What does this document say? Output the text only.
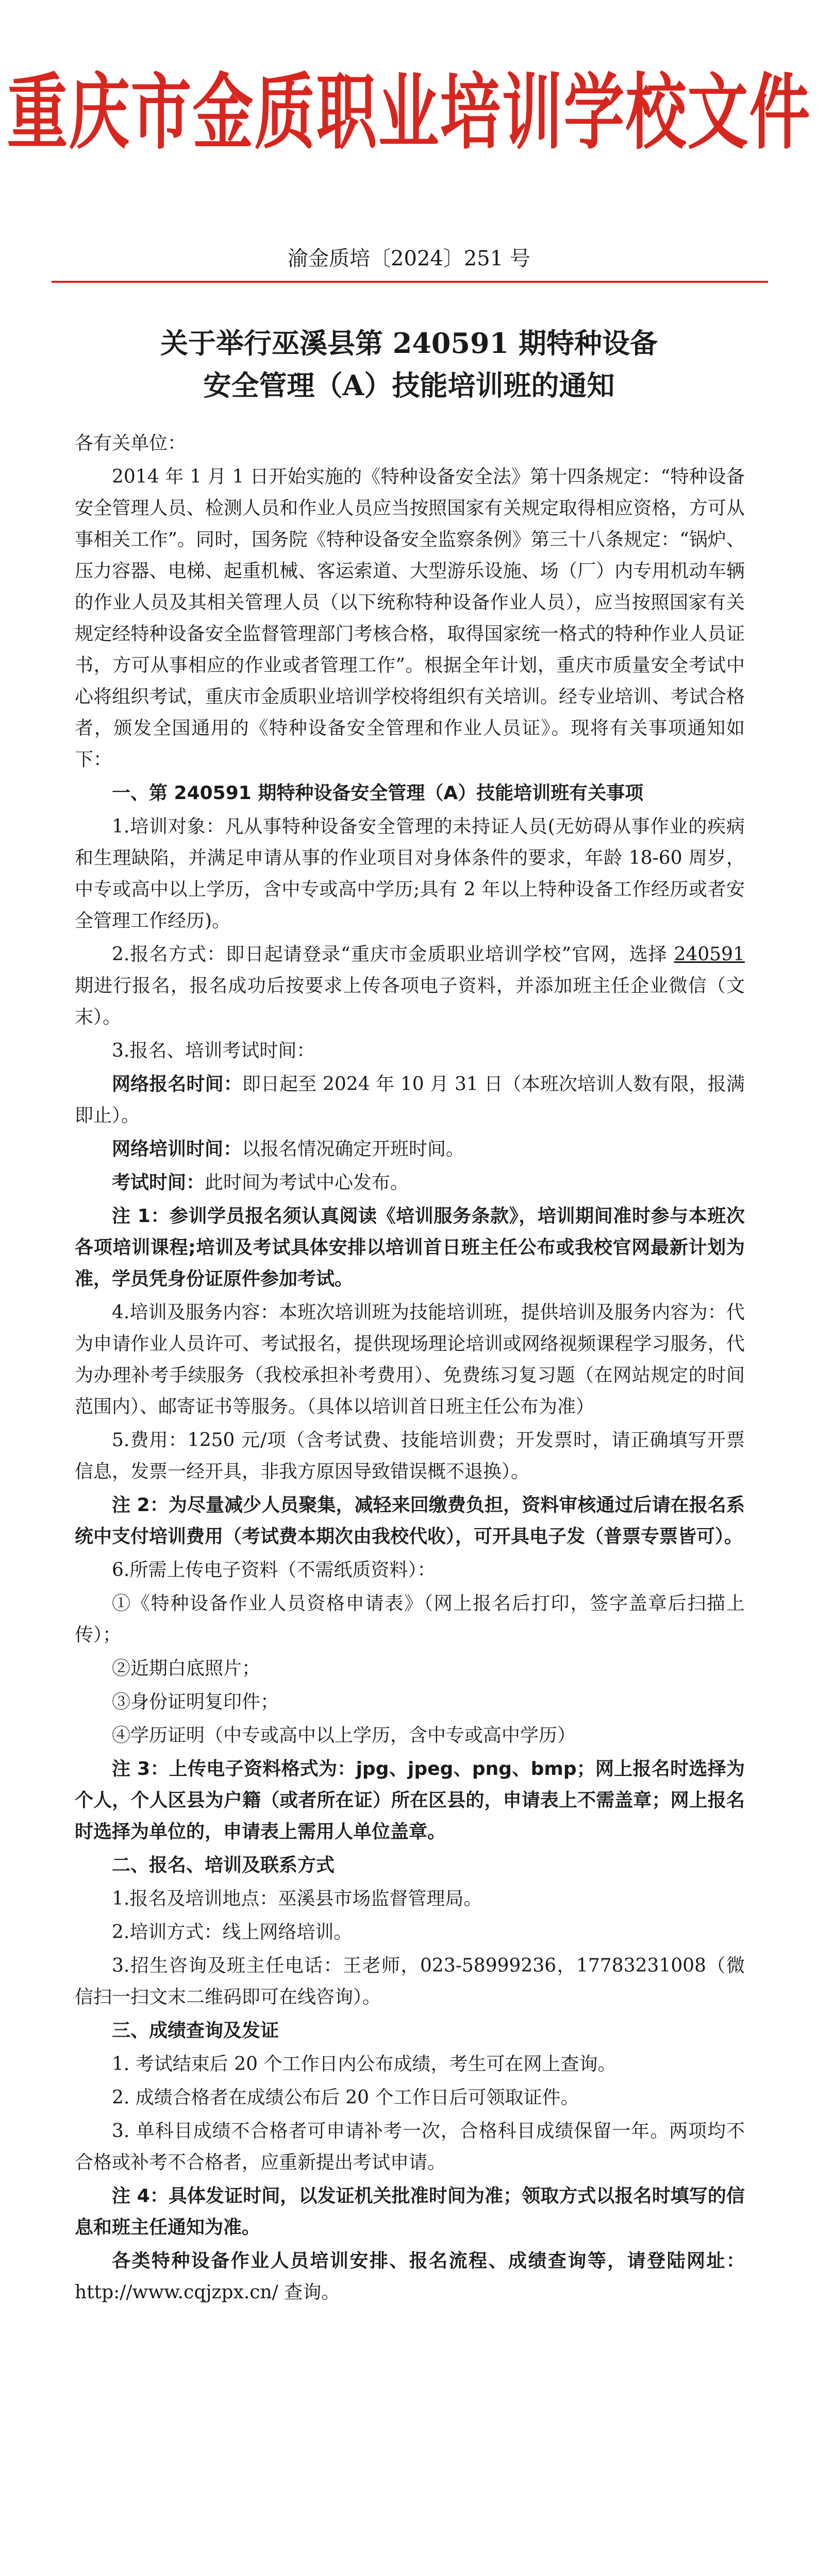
重庆市金质职业培训学校文件
渝金质培〔2024〕251 号
关于举行巫溪县第 240591 期特种设备
安全管理（A）技能培训班的通知

各有关单位：

2014 年 1 月 1 日开始实施的《特种设备安全法》第十四条规定：“特种设备安全管理人员、检测人员和作业人员应当按照国家有关规定取得相应资格，方可从事相关工作”。同时，国务院《特种设备安全监察条例》第三十八条规定：“锅炉、压力容器、电梯、起重机械、客运索道、大型游乐设施、场（厂）内专用机动车辆的作业人员及其相关管理人员（以下统称特种设备作业人员），应当按照国家有关规定经特种设备安全监督管理部门考核合格，取得国家统一格式的特种作业人员证书，方可从事相应的作业或者管理工作”。根据全年计划，重庆市质量安全考试中心将组织考试，重庆市金质职业培训学校将组织有关培训。经专业培训、考试合格者，颁发全国通用的《特种设备安全管理和作业人员证》。现将有关事项通知如下：

一、第 240591 期特种设备安全管理（A）技能培训班有关事项

1.培训对象：凡从事特种设备安全管理的未持证人员(无妨碍从事作业的疾病和生理缺陷，并满足申请从事的作业项目对身体条件的要求，年龄 18-60 周岁，中专或高中以上学历，含中专或高中学历;具有 2 年以上特种设备工作经历或者安全管理工作经历)。

2.报名方式：即日起请登录“重庆市金质职业培训学校”官网，选择 240591 期进行报名，报名成功后按要求上传各项电子资料，并添加班主任企业微信（文末）。

3.报名、培训考试时间：

网络报名时间：即日起至 2024 年 10 月 31 日（本班次培训人数有限，报满即止）。

网络培训时间：以报名情况确定开班时间。

考试时间：此时间为考试中心发布。

注 1：参训学员报名须认真阅读《培训服务条款》，培训期间准时参与本班次各项培训课程;培训及考试具体安排以培训首日班主任公布或我校官网最新计划为准，学员凭身份证原件参加考试。

4.培训及服务内容：本班次培训班为技能培训班，提供培训及服务内容为：代为申请作业人员许可、考试报名，提供现场理论培训或网络视频课程学习服务，代为办理补考手续服务（我校承担补考费用）、免费练习复习题（在网站规定的时间范围内）、邮寄证书等服务。（具体以培训首日班主任公布为准）

5.费用：1250 元/项（含考试费、技能培训费；开发票时，请正确填写开票信息，发票一经开具，非我方原因导致错误概不退换）。

注 2：为尽量减少人员聚集，减轻来回缴费负担，资料审核通过后请在报名系统中支付培训费用（考试费本期次由我校代收），可开具电子发（普票专票皆可）。

6.所需上传电子资料（不需纸质资料）：

①《特种设备作业人员资格申请表》（网上报名后打印，签字盖章后扫描上传）；

②近期白底照片；

③身份证明复印件；

④学历证明（中专或高中以上学历，含中专或高中学历）

注 3：上传电子资料格式为：jpg、jpeg、png、bmp；网上报名时选择为个人，个人区县为户籍（或者所在证）所在区县的，申请表上不需盖章；网上报名时选择为单位的，申请表上需用人单位盖章。

二、报名、培训及联系方式

1.报名及培训地点：巫溪县市场监督管理局。

2.培训方式：线上网络培训。

3.招生咨询及班主任电话：王老师，023-58999236，17783231008（微信扫一扫文末二维码即可在线咨询）。

三、成绩查询及发证

1. 考试结束后 20 个工作日内公布成绩，考生可在网上查询。

2. 成绩合格者在成绩公布后 20 个工作日后可领取证件。

3. 单科目成绩不合格者可申请补考一次，合格科目成绩保留一年。两项均不合格或补考不合格者，应重新提出考试申请。

注 4：具体发证时间，以发证机关批准时间为准；领取方式以报名时填写的信息和班主任通知为准。

各类特种设备作业人员培训安排、报名流程、成绩查询等，请登陆网址：http://www.cqjzpx.cn/ 查询。
